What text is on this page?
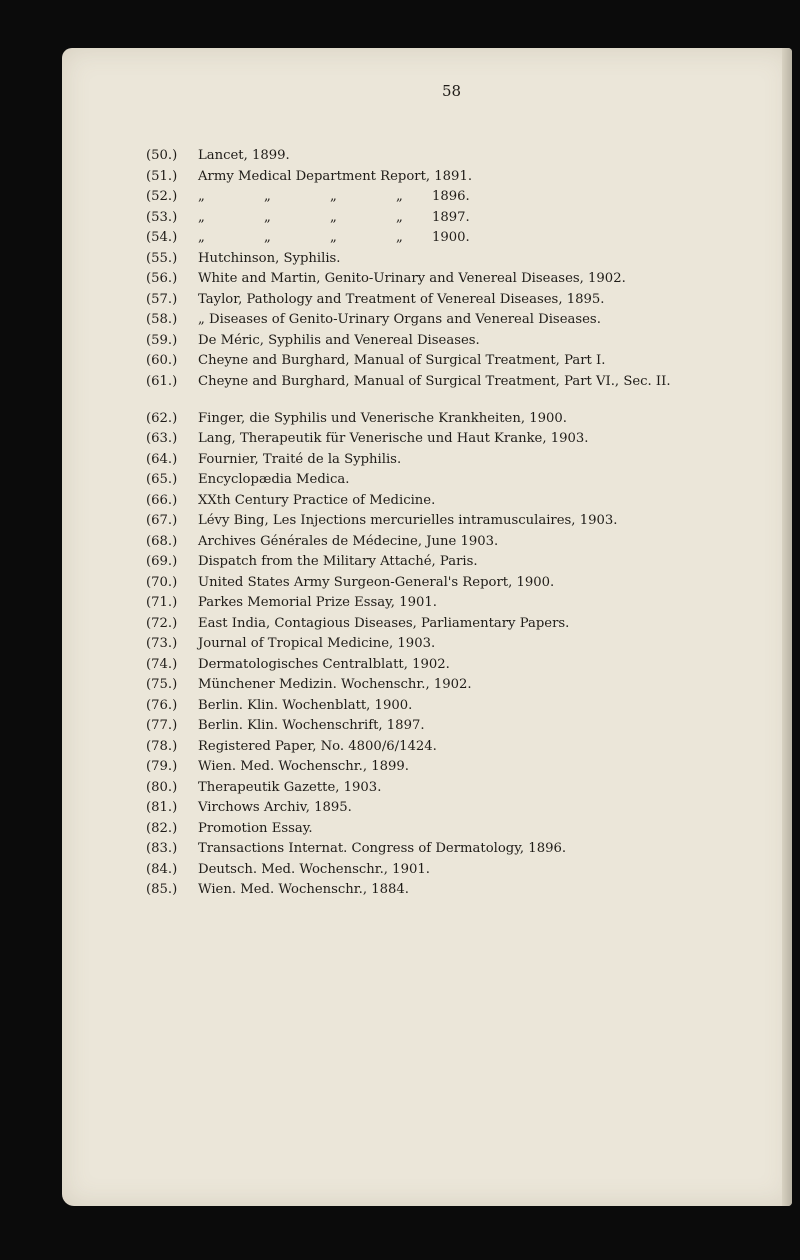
58
(50.)	Lancet, 1899.
(51.)	Army Medical Department Report, 1891.
(52.)	„	„	„	„	1896.
(53.)	„	„	„	„	1897.
(54.)	„	„	„	„	1900.
(55.)	Hutchinson, Syphilis.
(56.)	White and Martin, Genito-Urinary and Venereal Diseases, 1902.
(57.)	Taylor, Pathology and Treatment of Venereal Diseases, 1895.
(58.)	„ Diseases of Genito-Urinary Organs and Venereal Diseases.
(59.)	De Méric, Syphilis and Venereal Diseases.
(60.)	Cheyne and Burghard, Manual of Surgical Treatment, Part I.
(61.)	Cheyne and Burghard, Manual of Surgical Treatment, Part VI., Sec. II.
(62.)	Finger, die Syphilis und Venerische Krankheiten, 1900.
(63.)	Lang, Therapeutik für Venerische und Haut Kranke, 1903.
(64.)	Fournier, Traité de la Syphilis.
(65.)	Encyclopædia Medica.
(66.)	XXth Century Practice of Medicine.
(67.)	Lévy Bing, Les Injections mercurielles intramusculaires, 1903.
(68.)	Archives Générales de Médecine, June 1903.
(69.)	Dispatch from the Military Attaché, Paris.
(70.)	United States Army Surgeon-General's Report, 1900.
(71.)	Parkes Memorial Prize Essay, 1901.
(72.)	East India, Contagious Diseases, Parliamentary Papers.
(73.)	Journal of Tropical Medicine, 1903.
(74.)	Dermatologisches Centralblatt, 1902.
(75.)	Münchener Medizin. Wochenschr., 1902.
(76.)	Berlin. Klin. Wochenblatt, 1900.
(77.)	Berlin. Klin. Wochenschrift, 1897.
(78.)	Registered Paper, No. 4800/6/1424.
(79.)	Wien. Med. Wochenschr., 1899.
(80.)	Therapeutik Gazette, 1903.
(81.)	Virchows Archiv, 1895.
(82.)	Promotion Essay.
(83.)	Transactions Internat. Congress of Dermatology, 1896.
(84.)	Deutsch. Med. Wochenschr., 1901.
(85.)	Wien. Med. Wochenschr., 1884.
